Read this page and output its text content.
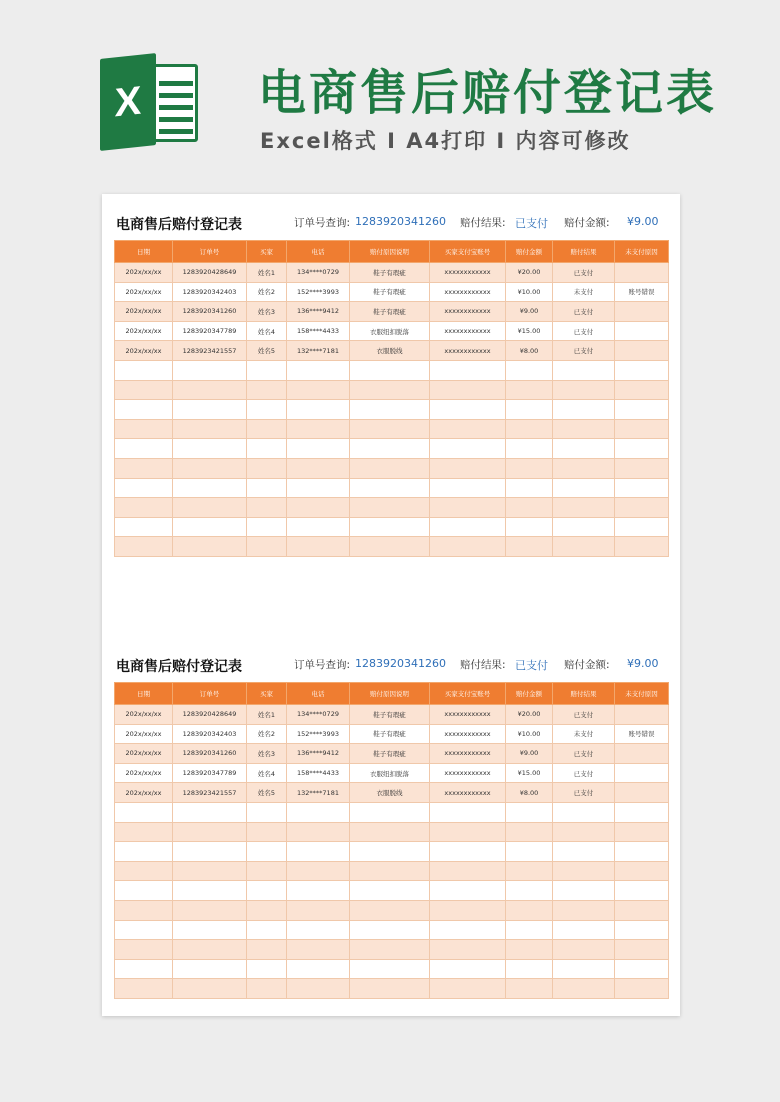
X	电商售后赔付登记表
Excel格式 I A4打印 I 内容可修改
电商售后赔付登记表	订单号查询: 1283920341260 赔付结果: 已支付 赔付金额: ¥9.00
日期	订单号	买家	电话	赔付原因说明	买家支付宝账号	赔付金额	赔付结果	未支付原因
202x/xx/xx	1283920428649	姓名1	134****0729	鞋子有瑕疵	xxxxxxxxxxxx	¥20.00	已支付	
202x/xx/xx	1283920342403	姓名2	152****3993	鞋子有瑕疵	xxxxxxxxxxxx	¥10.00	未支付	账号错误
202x/xx/xx	1283920341260	姓名3	136****9412	鞋子有瑕疵	xxxxxxxxxxxx	¥9.00	已支付	
202x/xx/xx	1283920347789	姓名4	158****4433	衣服纽扣脱落	xxxxxxxxxxxx	¥15.00	已支付	
202x/xx/xx	1283923421557	姓名5	132****7181	衣服脱线	xxxxxxxxxxxx	¥8.00	已支付	

电商售后赔付登记表	订单号查询: 1283920341260 赔付结果: 已支付 赔付金额: ¥9.00
日期	订单号	买家	电话	赔付原因说明	买家支付宝账号	赔付金额	赔付结果	未支付原因
202x/xx/xx	1283920428649	姓名1	134****0729	鞋子有瑕疵	xxxxxxxxxxxx	¥20.00	已支付	
202x/xx/xx	1283920342403	姓名2	152****3993	鞋子有瑕疵	xxxxxxxxxxxx	¥10.00	未支付	账号错误
202x/xx/xx	1283920341260	姓名3	136****9412	鞋子有瑕疵	xxxxxxxxxxxx	¥9.00	已支付	
202x/xx/xx	1283920347789	姓名4	158****4433	衣服纽扣脱落	xxxxxxxxxxxx	¥15.00	已支付	
202x/xx/xx	1283923421557	姓名5	132****7181	衣服脱线	xxxxxxxxxxxx	¥8.00	已支付	
